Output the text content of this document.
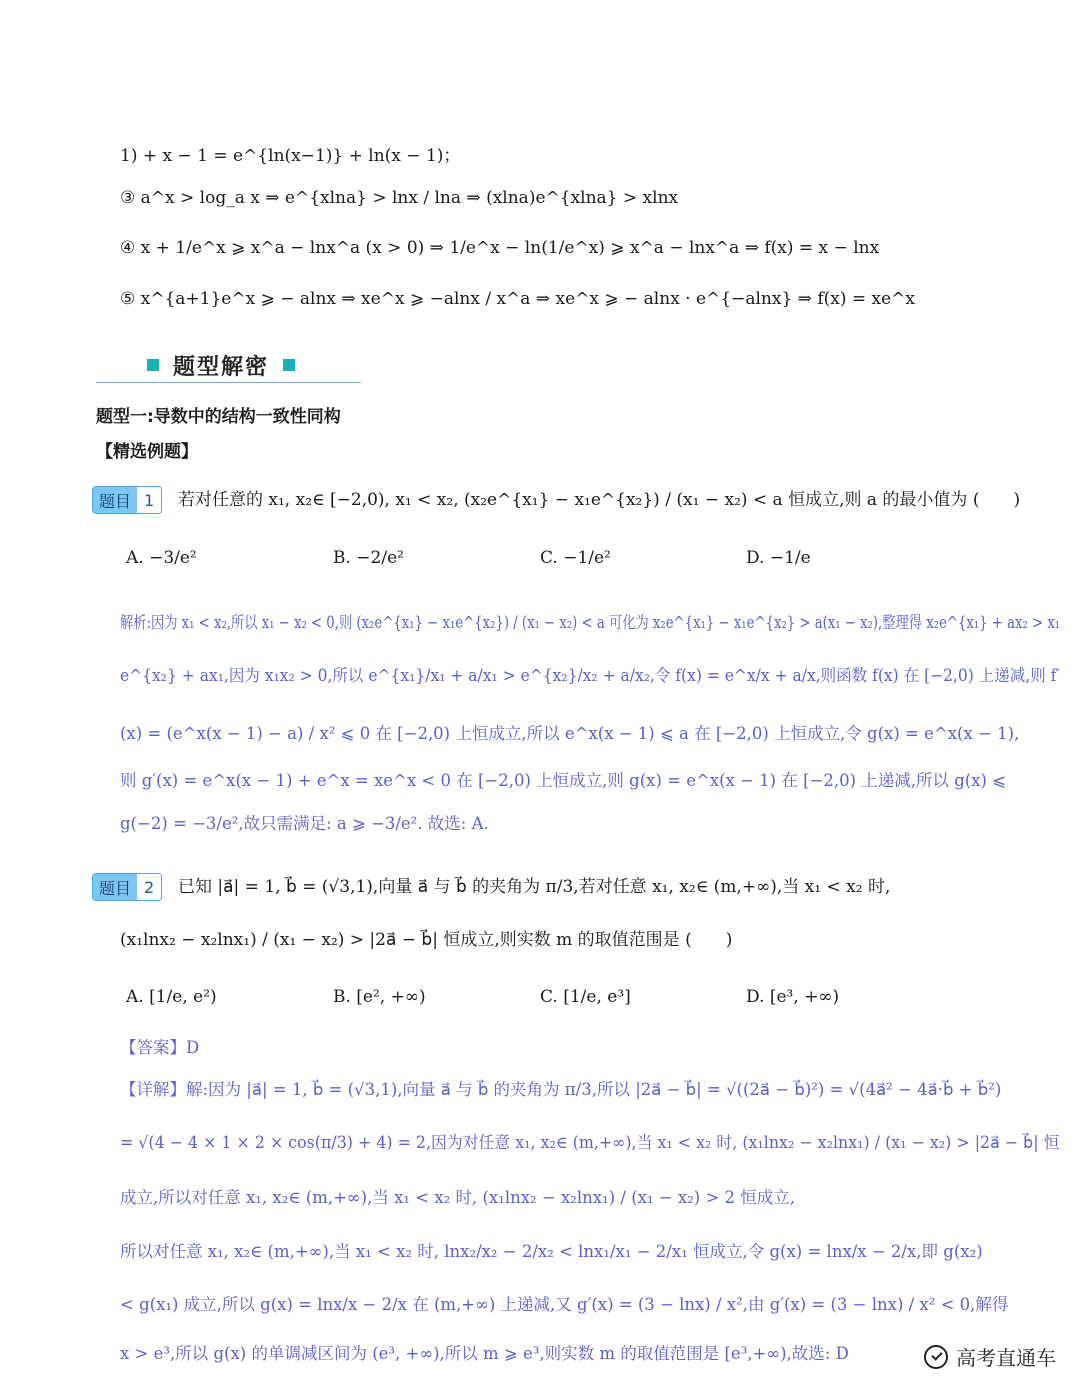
1) + x − 1 = e^{ln(x−1)} + ln(x − 1)；
③ a^x > log_a x ⇒ e^{xlna} > lnx / lna ⇒ (xlna)e^{xlna} > xlnx
④ x + 1/e^x ⩾ x^a − lnx^a (x > 0) ⇒ 1/e^x − ln(1/e^x) ⩾ x^a − lnx^a ⇒ f(x) = x − lnx
⑤ x^{a+1}e^x ⩾ − alnx ⇒ xe^x ⩾ −alnx / x^a ⇒ xe^x ⩾ − alnx · e^{−alnx} ⇒ f(x) = xe^x
题型解密
题型一:导数中的结构一致性同构
【精选例题】
题目 1	若对任意的 x₁, x₂∈ [−2,0), x₁ < x₂, (x₂e^{x₁} − x₁e^{x₂}) / (x₁ − x₂) < a 恒成立,则 a 的最小值为 (　　)
A. −3/e²	B. −2/e²	C. −1/e²	D. −1/e
解析:因为 x₁ < x₂,所以 x₁ − x₂ < 0,则 (x₂e^{x₁} − x₁e^{x₂}) / (x₁ − x₂) < a 可化为 x₂e^{x₁} − x₁e^{x₂} > a(x₁ − x₂),整理得 x₂e^{x₁} + ax₂ > x₁
e^{x₂} + ax₁,因为 x₁x₂ > 0,所以 e^{x₁}/x₁ + a/x₁ > e^{x₂}/x₂ + a/x₂,令 f(x) = e^x/x + a/x,则函数 f(x) 在 [−2,0) 上递减,则 f′
(x) = (e^x(x − 1) − a) / x² ⩽ 0 在 [−2,0) 上恒成立,所以 e^x(x − 1) ⩽ a 在 [−2,0) 上恒成立,令 g(x) = e^x(x − 1),
则 g′(x) = e^x(x − 1) + e^x = xe^x < 0 在 [−2,0) 上恒成立,则 g(x) = e^x(x − 1) 在 [−2,0) 上递减,所以 g(x) ⩽
g(−2) = −3/e²,故只需满足: a ⩾ −3/e². 故选: A.
题目 2	已知 |a⃗| = 1, b⃗ = (√3,1),向量 a⃗ 与 b⃗ 的夹角为 π/3,若对任意 x₁, x₂∈ (m,+∞),当 x₁ < x₂ 时,
(x₁lnx₂ − x₂lnx₁) / (x₁ − x₂) > |2a⃗ − b⃗| 恒成立,则实数 m 的取值范围是 (　　)
A. [1/e, e²)	B. [e², +∞)	C. [1/e, e³]	D. [e³, +∞)
【答案】D
【详解】解:因为 |a⃗| = 1, b⃗ = (√3,1),向量 a⃗ 与 b⃗ 的夹角为 π/3,所以 |2a⃗ − b⃗| = √((2a⃗ − b⃗)²) = √(4a⃗² − 4a⃗·b⃗ + b⃗²)
= √(4 − 4 × 1 × 2 × cos(π/3) + 4) = 2,因为对任意 x₁, x₂∈ (m,+∞),当 x₁ < x₂ 时, (x₁lnx₂ − x₂lnx₁) / (x₁ − x₂) > |2a⃗ − b⃗| 恒
成立,所以对任意 x₁, x₂∈ (m,+∞),当 x₁ < x₂ 时, (x₁lnx₂ − x₂lnx₁) / (x₁ − x₂) > 2 恒成立,
所以对任意 x₁, x₂∈ (m,+∞),当 x₁ < x₂ 时, lnx₂/x₂ − 2/x₂ < lnx₁/x₁ − 2/x₁ 恒成立,令 g(x) = lnx/x − 2/x,即 g(x₂)
< g(x₁) 成立,所以 g(x) = lnx/x − 2/x 在 (m,+∞) 上递减,又 g′(x) = (3 − lnx) / x²,由 g′(x) = (3 − lnx) / x² < 0,解得
x > e³,所以 g(x) 的单调减区间为 (e³, +∞),所以 m ⩾ e³,则实数 m 的取值范围是 [e³,+∞),故选: D	高考直通车
